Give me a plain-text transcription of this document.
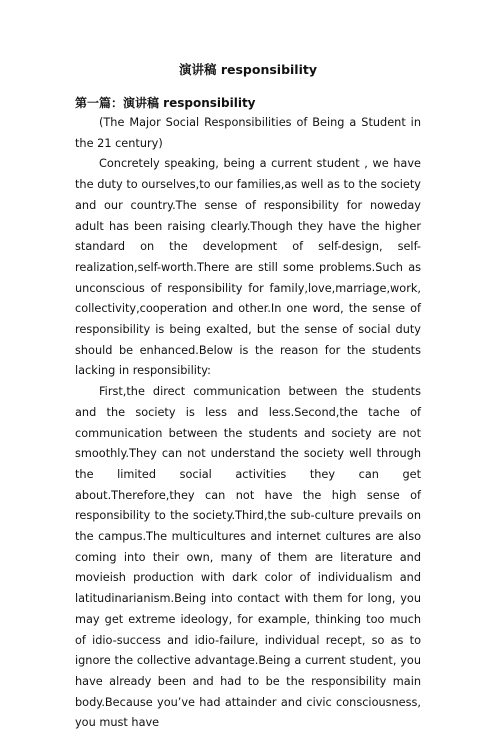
演讲稿 responsibility
第一篇：演讲稿 responsibility

(The Major Social Responsibilities of Being a Student in the 21 century)

Concretely speaking, being a current student , we have the duty to ourselves,to our families,as well as to the society and our country.The sense of responsibility for noweday adult has been raising clearly.Though they have the higher standard on the development of self-design, self-realization,self-worth.There are still some problems.Such as unconscious of responsibility for family,love,marriage,work, collectivity,cooperation and other.In one word, the sense of responsibility is being exalted, but the sense of social duty should be enhanced.Below is the reason for the students lacking in responsibility:

First,the direct communication between the students and the society is less and less.Second,the tache of communication between the students and society are not smoothly.They can not understand the society well through the limited social activities they can get about.Therefore,they can not have the high sense of responsibility to the society.Third,the sub-culture prevails on the campus.The multicultures and internet cultures are also coming into their own, many of them are literature and movieish production with dark color of individualism and latitudinarianism.Being into contact with them for long, you may get extreme ideology, for example, thinking too much of idio-success and idio-failure, individual recept, so as to ignore the collective advantage.Being a current student, you have already been and had to be the responsibility main body.Because you’ve had attainder and civic consciousness, you must have
